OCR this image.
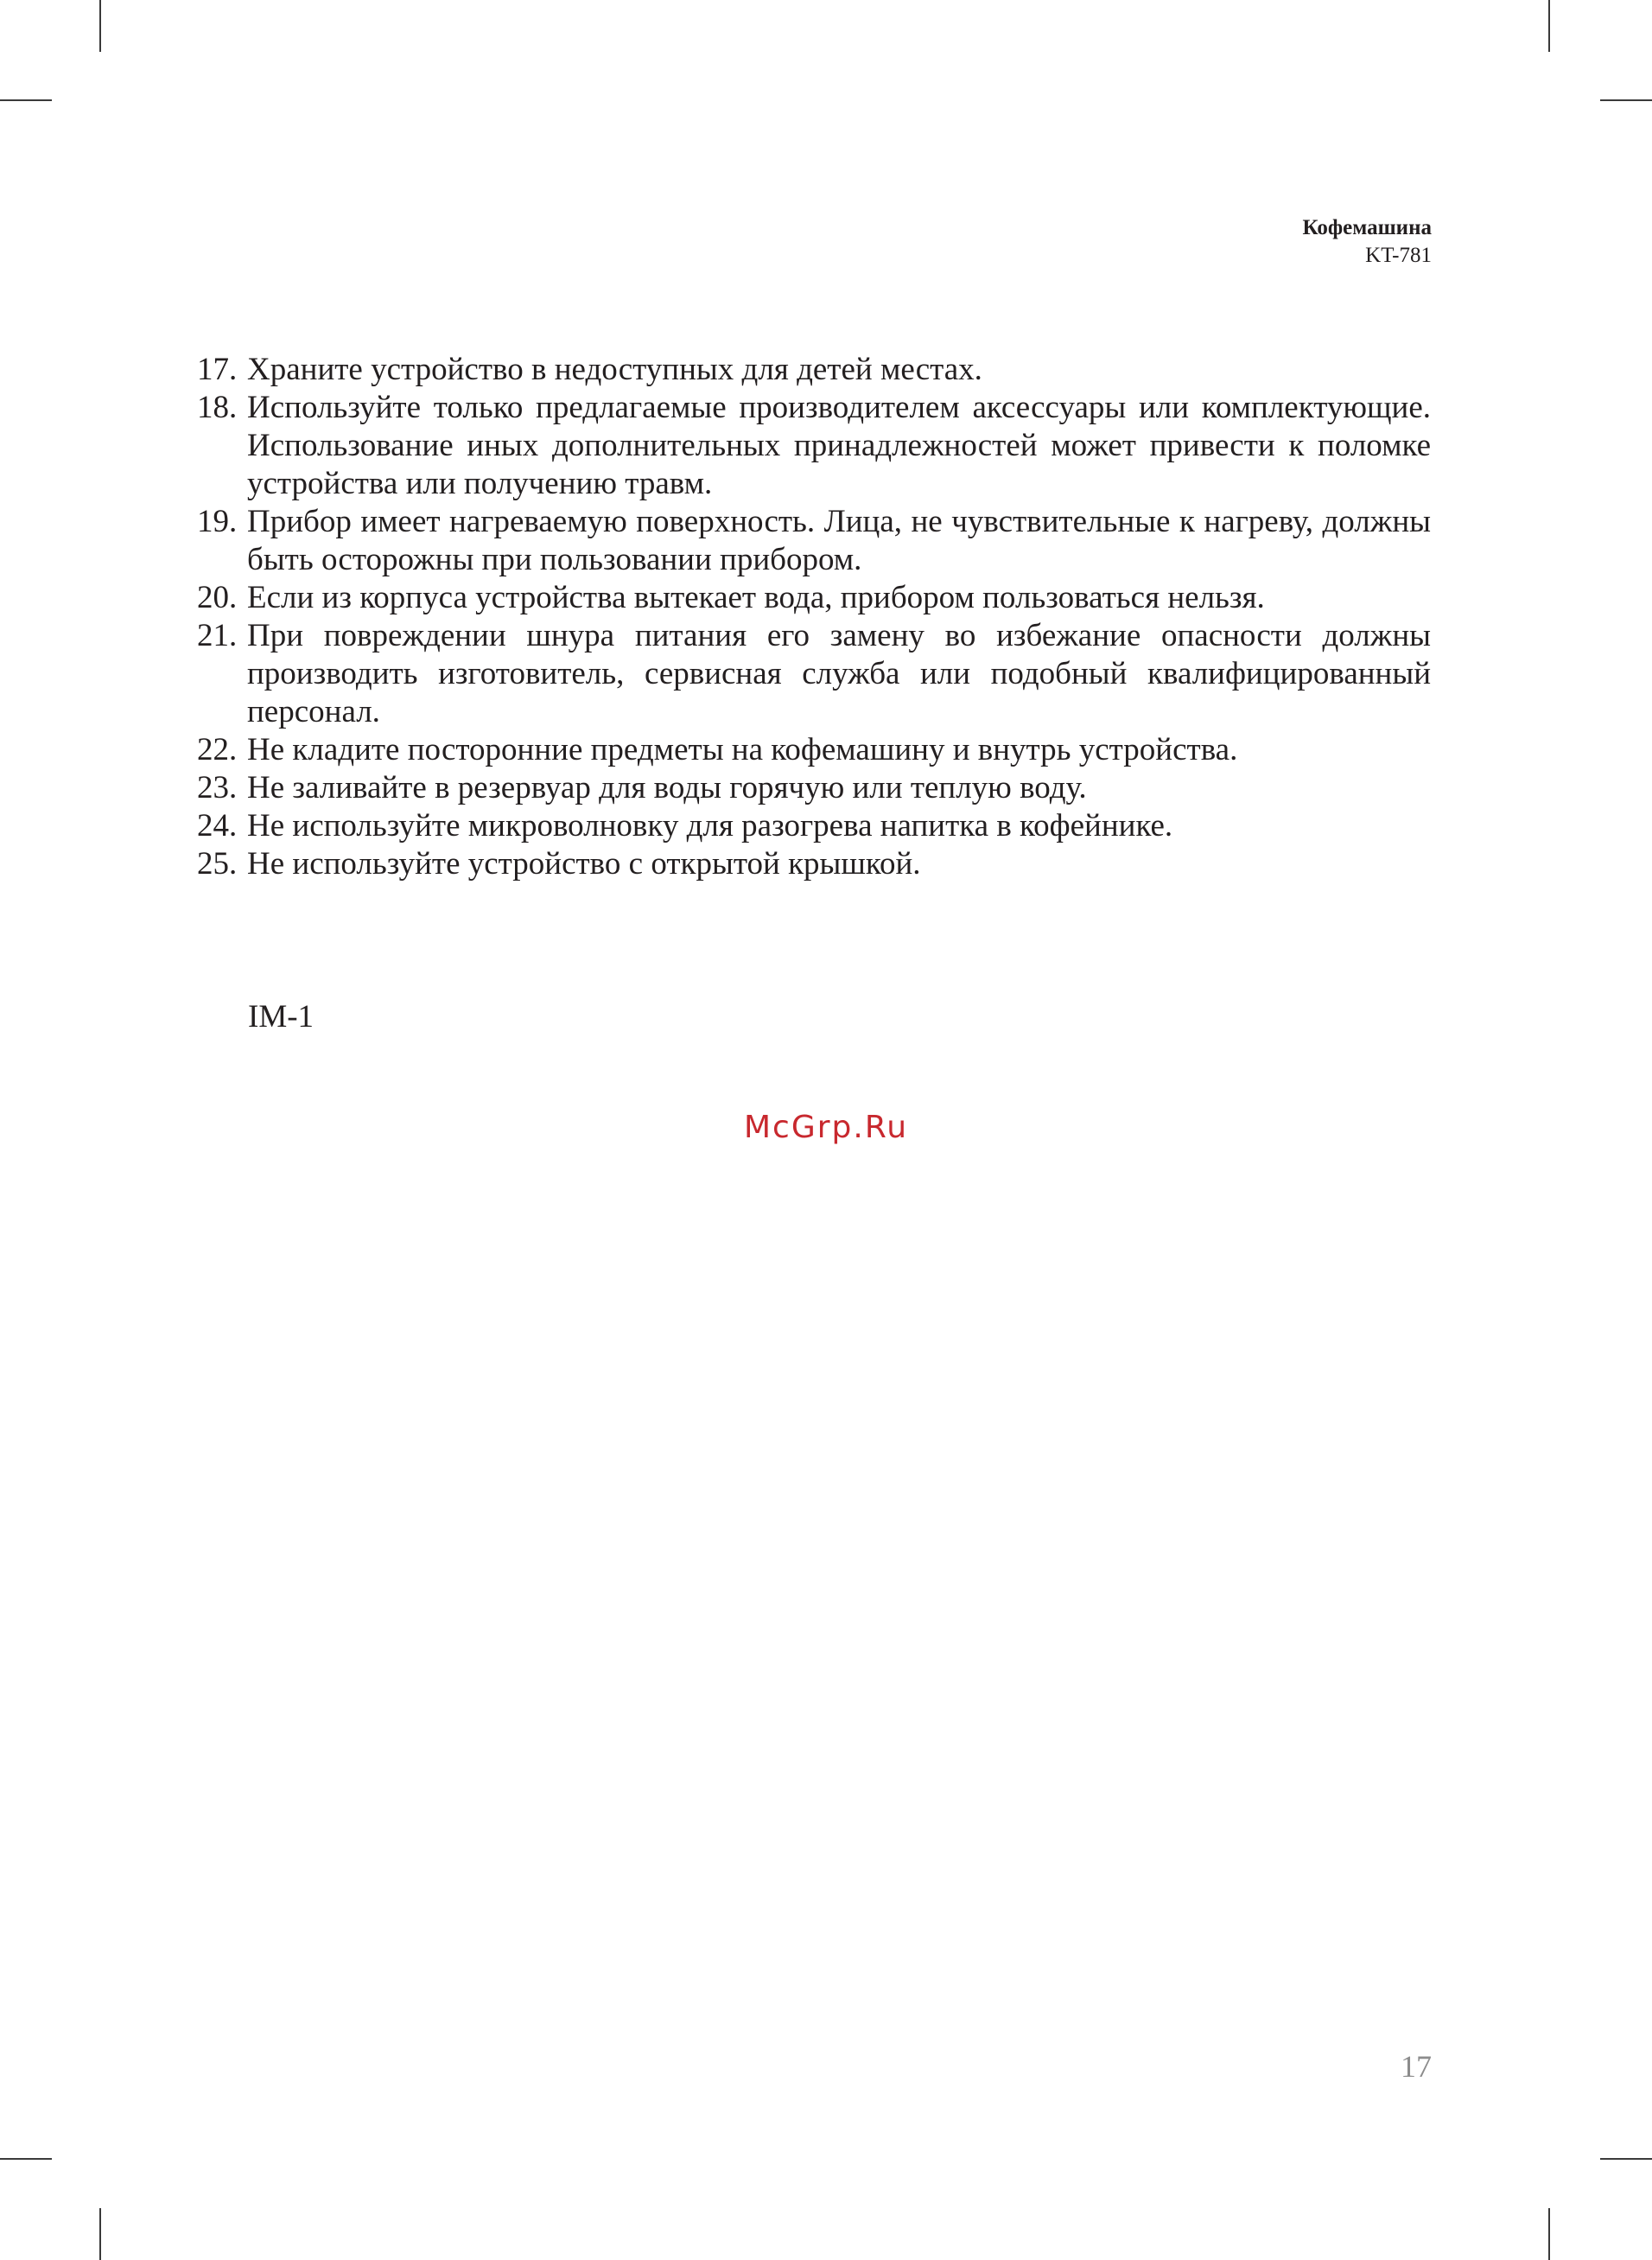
Кофемашина
KT-781
17. Храните устройство в недоступных для детей местах.
18. Используйте только предлагаемые производителем аксессуары или комплектующие. Использование иных дополнительных принадлежностей может привести к поломке устройства или получению травм.
19. Прибор имеет нагреваемую поверхность. Лица, не чувствительные к нагреву, должны быть осторожны при пользовании прибором.
20. Если из корпуса устройства вытекает вода, прибором пользоваться нельзя.
21. При повреждении шнура питания его замену во избежание опасности должны производить изготовитель, сервисная служба или подобный квалифицированный персонал.
22. Не кладите посторонние предметы на кофемашину и внутрь устройства.
23. Не заливайте в резервуар для воды горячую или теплую воду.
24. Не используйте микроволновку для разогрева напитка в кофейнике.
25. Не используйте устройство с открытой крышкой.
IM-1
McGrp.Ru
17
